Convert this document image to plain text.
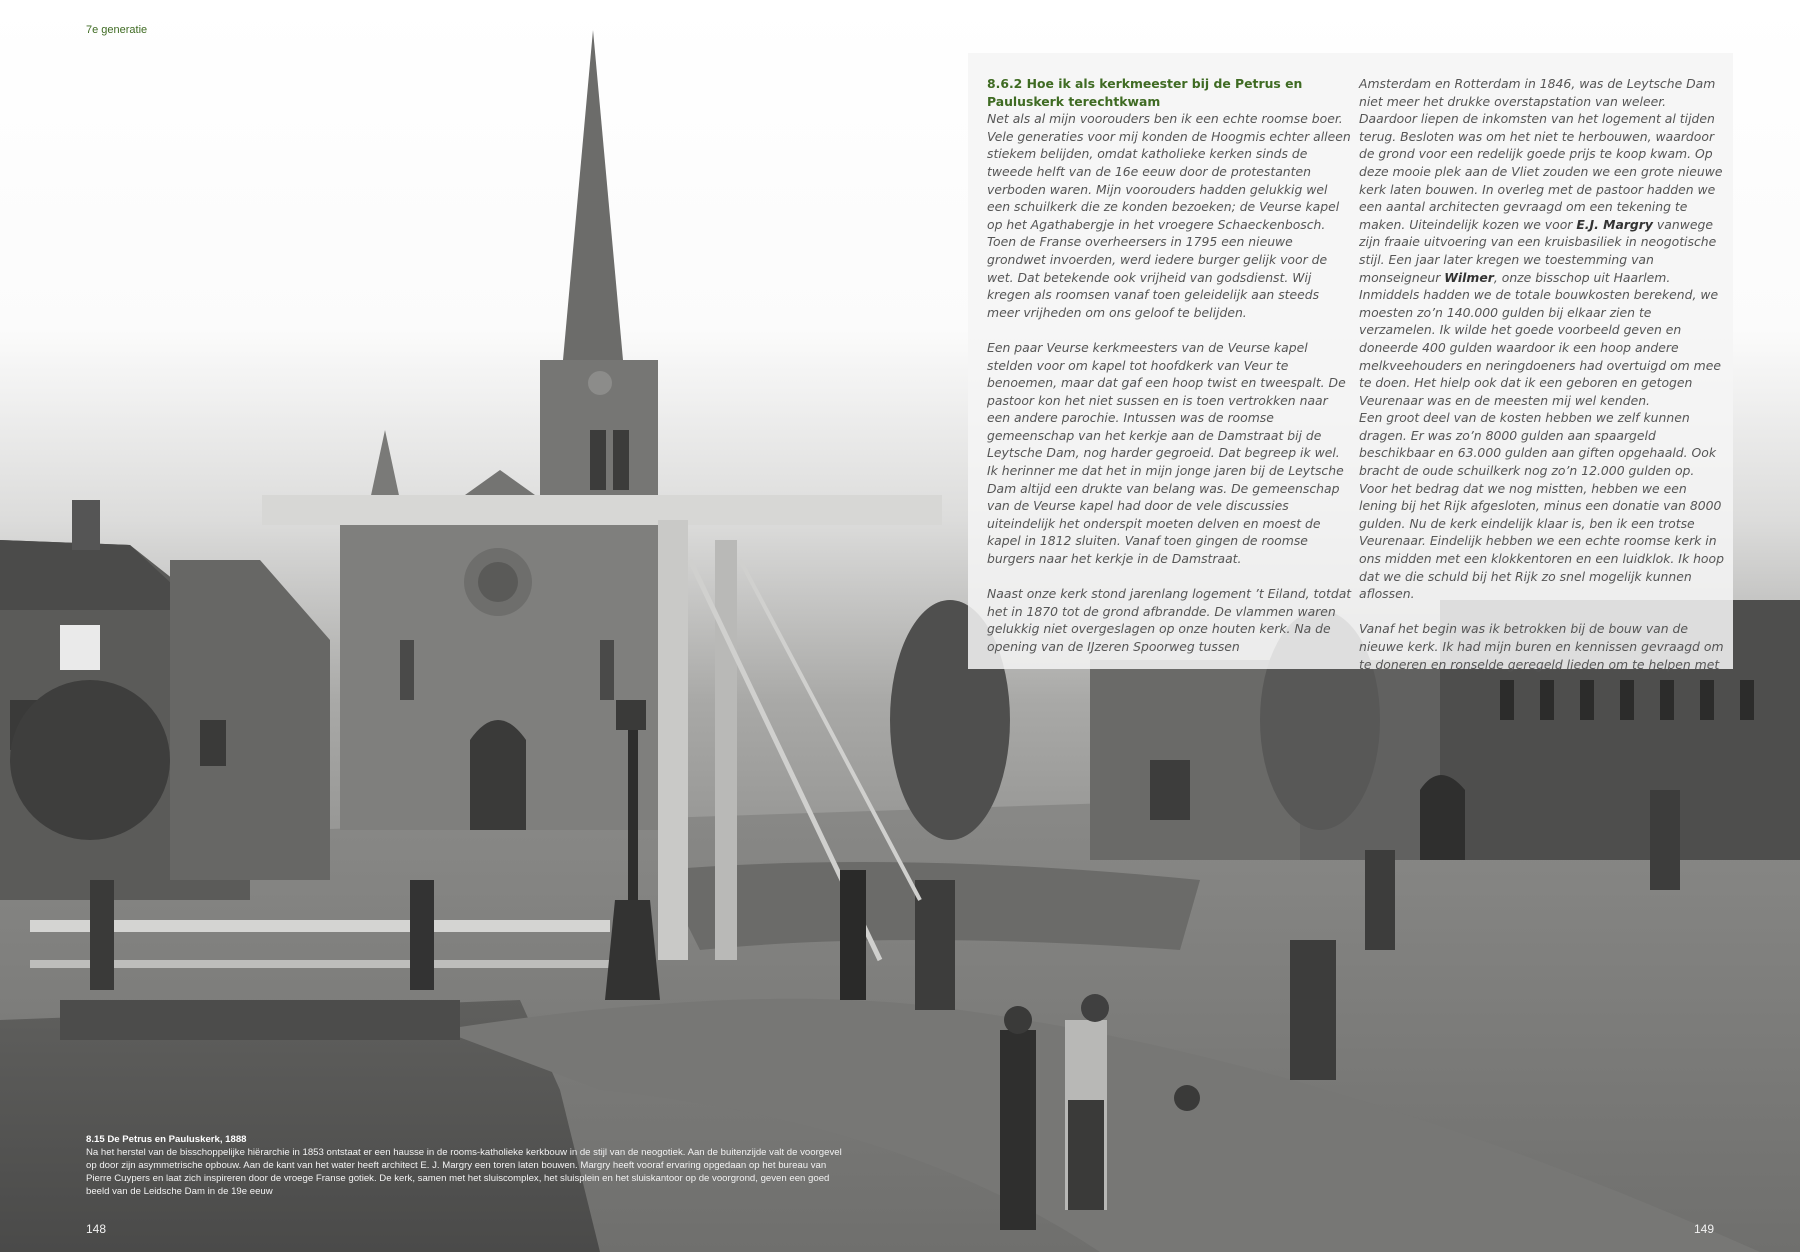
7e generatie

8.6.2 Hoe ik als kerkmeester bij de Petrus en Pauluskerk terechtkwam

Net als al mijn voorouders ben ik een echte roomse boer. Vele generaties voor mij konden de Hoogmis echter alleen stiekem belijden, omdat katholieke kerken sinds de tweede helft van de 16e eeuw door de protestanten verboden waren. Mijn voorouders hadden gelukkig wel een schuilkerk die ze konden bezoeken; de Veurse kapel op het Agathabergje in het vroegere Schaeckenbosch. Toen de Franse overheersers in 1795 een nieuwe grondwet invoerden, werd iedere burger gelijk voor de wet. Dat betekende ook vrijheid van godsdienst. Wij kregen als roomsen vanaf toen geleidelijk aan steeds meer vrijheden om ons geloof te belijden.

Een paar Veurse kerkmeesters van de Veurse kapel stelden voor om kapel tot hoofdkerk van Veur te benoemen, maar dat gaf een hoop twist en tweespalt. De pastoor kon het niet sussen en is toen vertrokken naar een andere parochie. Intussen was de roomse gemeenschap van het kerkje aan de Damstraat bij de Leytsche Dam, nog harder gegroeid. Dat begreep ik wel. Ik herinner me dat het in mijn jonge jaren bij de Leytsche Dam altijd een drukte van belang was. De gemeenschap van de Veurse kapel had door de vele discussies uiteindelijk het onderspit moeten delven en moest de kapel in 1812 sluiten. Vanaf toen gingen de roomse burgers naar het kerkje in de Damstraat.

Naast onze kerk stond jarenlang logement ’t Eiland, totdat het in 1870 tot de grond afbrandde. De vlammen waren gelukkig niet overgeslagen op onze houten kerk. Na de opening van de IJzeren Spoorweg tussen

Amsterdam en Rotterdam in 1846, was de Leytsche Dam niet meer het drukke overstapstation van weleer. Daardoor liepen de inkomsten van het logement al tijden terug. Besloten was om het niet te herbouwen, waardoor de grond voor een redelijk goede prijs te koop kwam. Op deze mooie plek aan de Vliet zouden we een grote nieuwe kerk laten bouwen. In overleg met de pastoor hadden we een aantal architecten gevraagd om een tekening te maken. Uiteindelijk kozen we voor E.J. Margry vanwege zijn fraaie uitvoering van een kruisbasiliek in neogotische stijl. Een jaar later kregen we toestemming van monseigneur Wilmer, onze bisschop uit Haarlem. Inmiddels hadden we de totale bouwkosten berekend, we moesten zo’n 140.000 gulden bij elkaar zien te verzamelen. Ik wilde het goede voorbeeld geven en doneerde 400 gulden waardoor ik een hoop andere melkveehouders en neringdoeners had overtuigd om mee te doen. Het hielp ook dat ik een geboren en getogen Veurenaar was en de meesten mij wel kenden.

Een groot deel van de kosten hebben we zelf kunnen dragen. Er was zo’n 8000 gulden aan spaargeld beschikbaar en 63.000 gulden aan giften opgehaald. Ook bracht de oude schuilkerk nog zo’n 12.000 gulden op. Voor het bedrag dat we nog mistten, hebben we een lening bij het Rijk afgesloten, minus een donatie van 8000 gulden. Nu de kerk eindelijk klaar is, ben ik een trotse Veurenaar. Eindelijk hebben we een echte roomse kerk in ons midden met een klokkentoren en een luidklok. Ik hoop dat we die schuld bij het Rijk zo snel mogelijk kunnen aflossen.

Vanaf het begin was ik betrokken bij de bouw van de nieuwe kerk. Ik had mijn buren en kennissen gevraagd om te doneren en ronselde geregeld lieden om te helpen met

8.15 De Petrus en Pauluskerk, 1888
Na het herstel van de bisschoppelijke hiërarchie in 1853 ontstaat er een hausse in de rooms-katholieke kerkbouw in de stijl van de neogotiek. Aan de buitenzijde valt de voorgevel op door zijn asymmetrische opbouw. Aan de kant van het water heeft architect E. J. Margry een toren laten bouwen. Margry heeft vooraf ervaring opgedaan op het bureau van Pierre Cuypers en laat zich inspireren door de vroege Franse gotiek. De kerk, samen met het sluiscomplex, het sluisplein en het sluiskantoor op de voorgrond, geven een goed beeld van de Leidsche Dam in de 19e eeuw
148	149
